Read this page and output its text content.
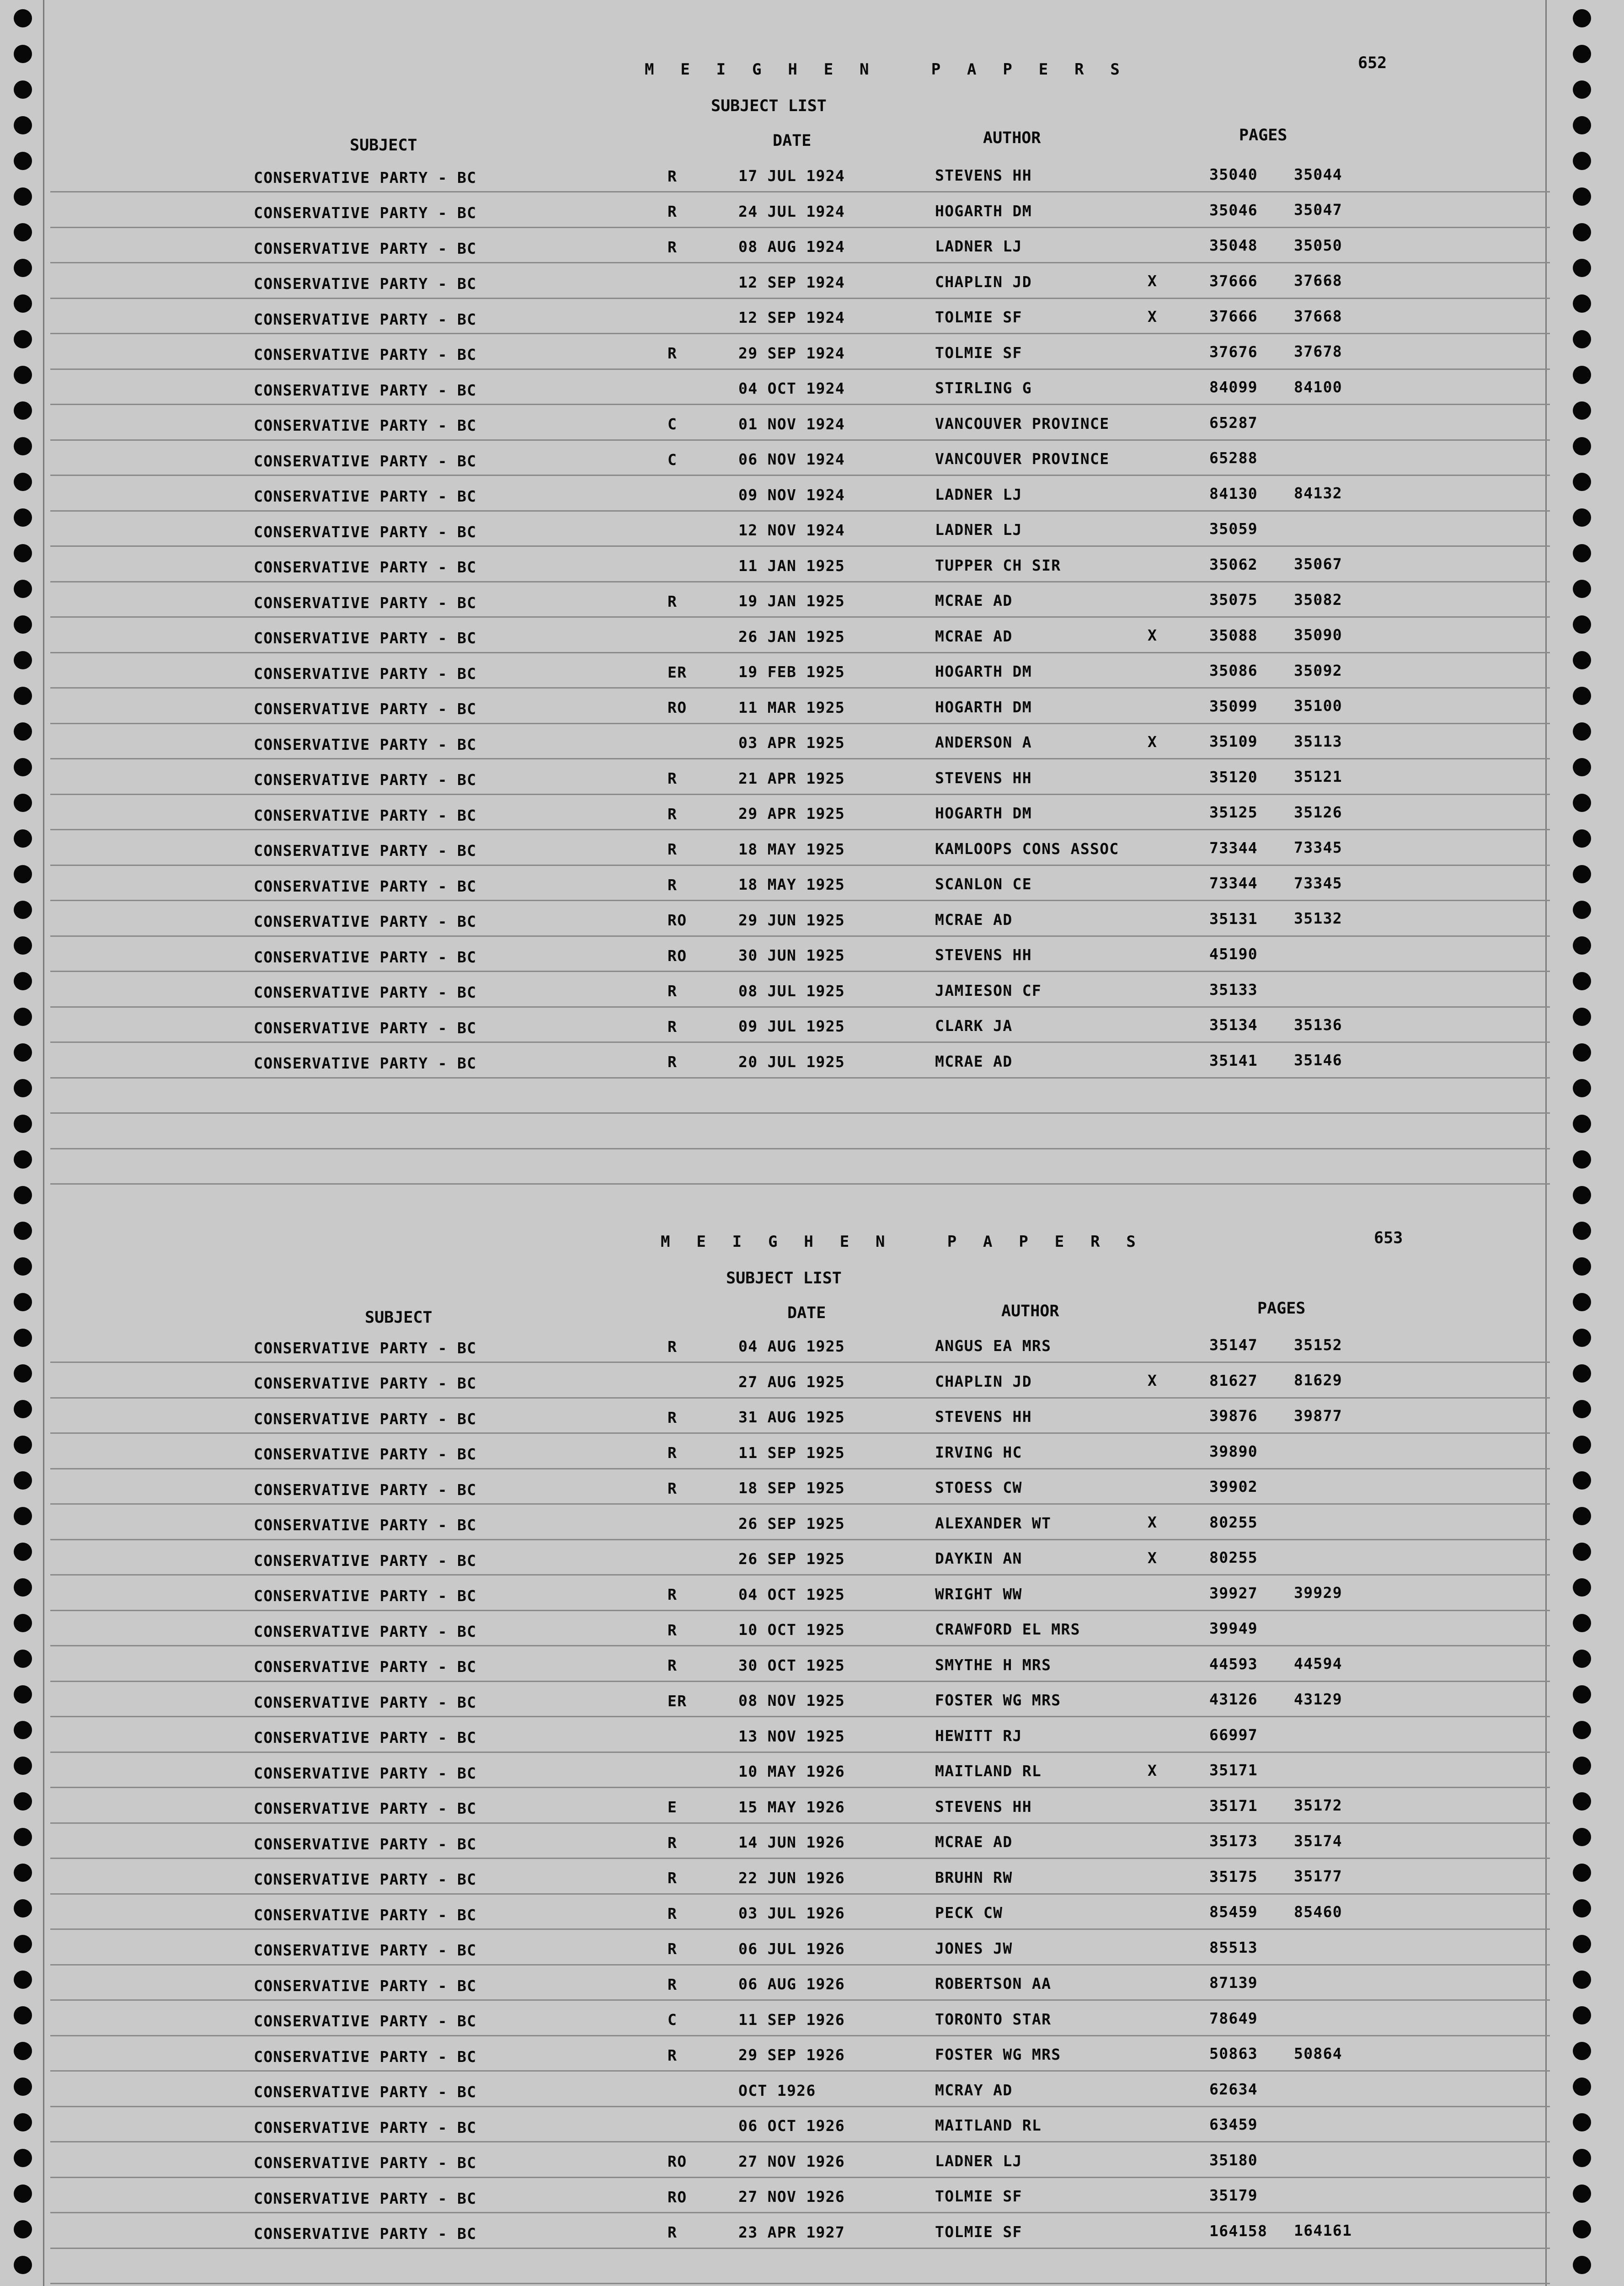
M E I G H E N   P A P E R S	652
SUBJECT LIST
SUBJECT	DATE	AUTHOR	PAGES
CONSERVATIVE PARTY - BC	R	17 JUL 1924	STEVENS HH	35040 35044
CONSERVATIVE PARTY - BC	R	24 JUL 1924	HOGARTH DM	35046 35047
CONSERVATIVE PARTY - BC	R	08 AUG 1924	LADNER LJ	35048 35050
CONSERVATIVE PARTY - BC	12 SEP 1924	CHAPLIN JD	X	37666 37668
CONSERVATIVE PARTY - BC	12 SEP 1924	TOLMIE SF	X	37666 37668
CONSERVATIVE PARTY - BC	R	29 SEP 1924	TOLMIE SF	37676 37678
CONSERVATIVE PARTY - BC	04 OCT 1924	STIRLING G	84099 84100
CONSERVATIVE PARTY - BC	C	01 NOV 1924	VANCOUVER PROVINCE	65287
CONSERVATIVE PARTY - BC	C	06 NOV 1924	VANCOUVER PROVINCE	65288
CONSERVATIVE PARTY - BC	09 NOV 1924	LADNER LJ	84130 84132
CONSERVATIVE PARTY - BC	12 NOV 1924	LADNER LJ	35059
CONSERVATIVE PARTY - BC	11 JAN 1925	TUPPER CH SIR	35062 35067
CONSERVATIVE PARTY - BC	R	19 JAN 1925	MCRAE AD	35075 35082
CONSERVATIVE PARTY - BC	26 JAN 1925	MCRAE AD	X	35088 35090
CONSERVATIVE PARTY - BC	ER	19 FEB 1925	HOGARTH DM	35086 35092
CONSERVATIVE PARTY - BC	RO	11 MAR 1925	HOGARTH DM	35099 35100
CONSERVATIVE PARTY - BC	03 APR 1925	ANDERSON A	X	35109 35113
CONSERVATIVE PARTY - BC	R	21 APR 1925	STEVENS HH	35120 35121
CONSERVATIVE PARTY - BC	R	29 APR 1925	HOGARTH DM	35125 35126
CONSERVATIVE PARTY - BC	R	18 MAY 1925	KAMLOOPS CONS ASSOC	73344 73345
CONSERVATIVE PARTY - BC	R	18 MAY 1925	SCANLON CE	73344 73345
CONSERVATIVE PARTY - BC	RO	29 JUN 1925	MCRAE AD	35131 35132
CONSERVATIVE PARTY - BC	RO	30 JUN 1925	STEVENS HH	45190
CONSERVATIVE PARTY - BC	R	08 JUL 1925	JAMIESON CF	35133
CONSERVATIVE PARTY - BC	R	09 JUL 1925	CLARK JA	35134 35136
CONSERVATIVE PARTY - BC	R	20 JUL 1925	MCRAE AD	35141 35146
M E I G H E N   P A P E R S	653
SUBJECT LIST
SUBJECT	DATE	AUTHOR	PAGES
CONSERVATIVE PARTY - BC	R	04 AUG 1925	ANGUS EA MRS	35147 35152
CONSERVATIVE PARTY - BC	27 AUG 1925	CHAPLIN JD	X	81627 81629
CONSERVATIVE PARTY - BC	R	31 AUG 1925	STEVENS HH	39876 39877
CONSERVATIVE PARTY - BC	R	11 SEP 1925	IRVING HC	39890
CONSERVATIVE PARTY - BC	R	18 SEP 1925	STOESS CW	39902
CONSERVATIVE PARTY - BC	26 SEP 1925	ALEXANDER WT	X	80255
CONSERVATIVE PARTY - BC	26 SEP 1925	DAYKIN AN	X	80255
CONSERVATIVE PARTY - BC	R	04 OCT 1925	WRIGHT WW	39927 39929
CONSERVATIVE PARTY - BC	R	10 OCT 1925	CRAWFORD EL MRS	39949
CONSERVATIVE PARTY - BC	R	30 OCT 1925	SMYTHE H MRS	44593 44594
CONSERVATIVE PARTY - BC	ER	08 NOV 1925	FOSTER WG MRS	43126 43129
CONSERVATIVE PARTY - BC	13 NOV 1925	HEWITT RJ	66997
CONSERVATIVE PARTY - BC	10 MAY 1926	MAITLAND RL	X	35171
CONSERVATIVE PARTY - BC	E	15 MAY 1926	STEVENS HH	35171 35172
CONSERVATIVE PARTY - BC	R	14 JUN 1926	MCRAE AD	35173 35174
CONSERVATIVE PARTY - BC	R	22 JUN 1926	BRUHN RW	35175 35177
CONSERVATIVE PARTY - BC	R	03 JUL 1926	PECK CW	85459 85460
CONSERVATIVE PARTY - BC	R	06 JUL 1926	JONES JW	85513
CONSERVATIVE PARTY - BC	R	06 AUG 1926	ROBERTSON AA	87139
CONSERVATIVE PARTY - BC	C	11 SEP 1926	TORONTO STAR	78649
CONSERVATIVE PARTY - BC	R	29 SEP 1926	FOSTER WG MRS	50863 50864
CONSERVATIVE PARTY - BC	OCT 1926	MCRAY AD	62634
CONSERVATIVE PARTY - BC	06 OCT 1926	MAITLAND RL	63459
CONSERVATIVE PARTY - BC	RO	27 NOV 1926	LADNER LJ	35180
CONSERVATIVE PARTY - BC	RO	27 NOV 1926	TOLMIE SF	35179
CONSERVATIVE PARTY - BC	R	23 APR 1927	TOLMIE SF	164158 164161
